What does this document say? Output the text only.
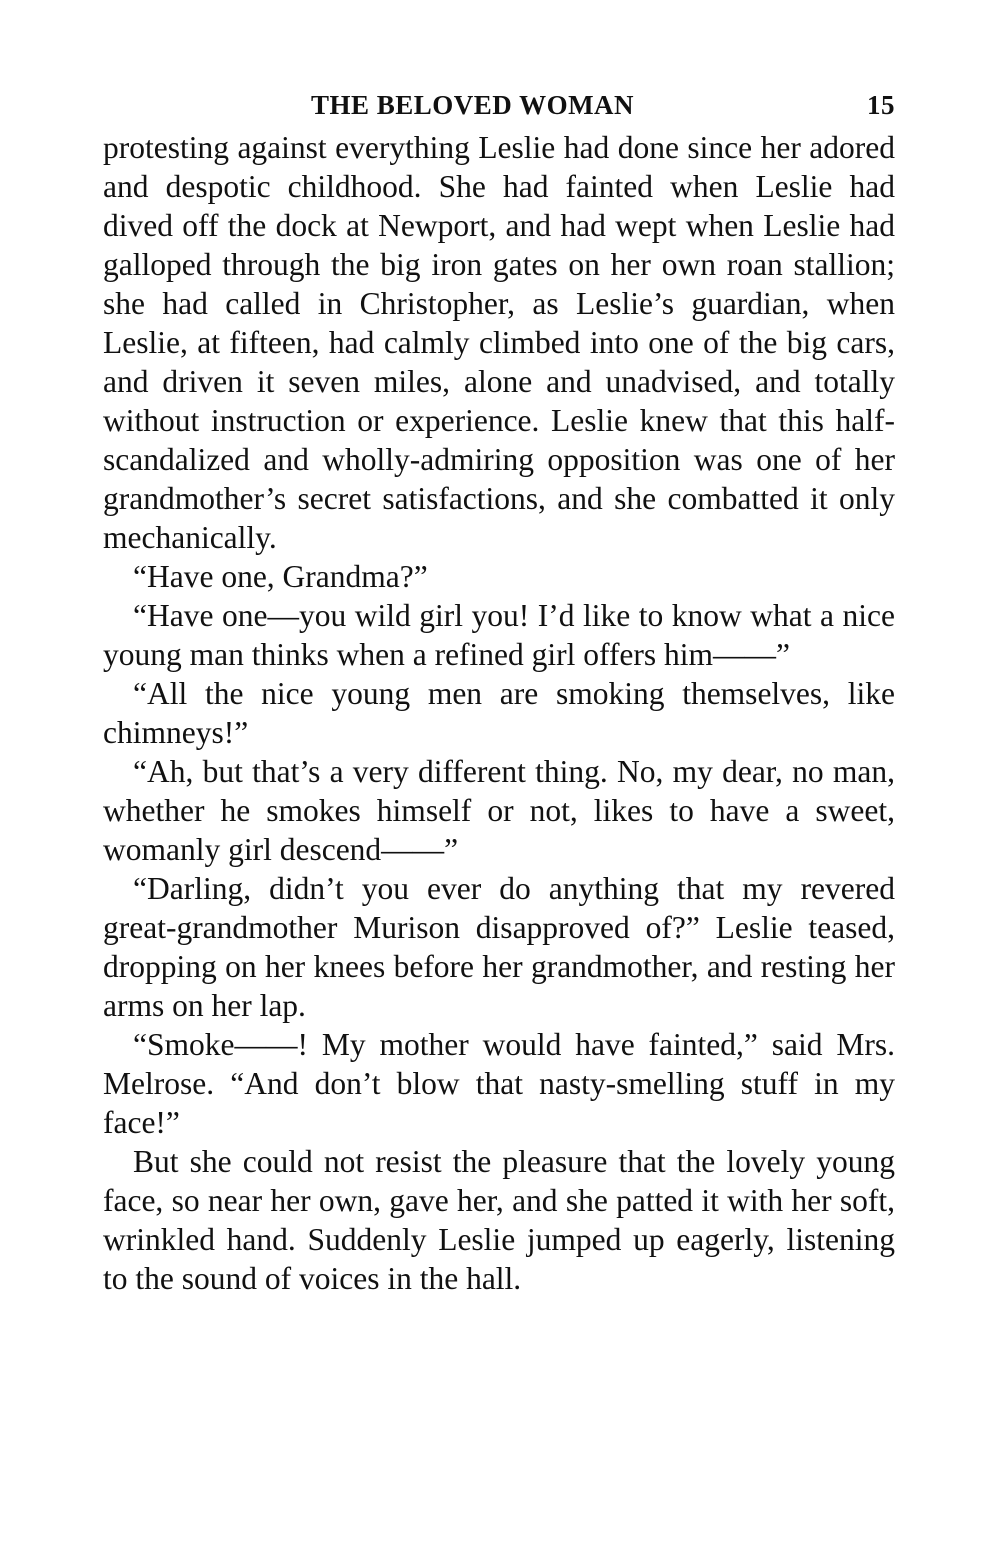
THE BELOVED WOMAN	15

protesting against everything Leslie had done since her adored and despotic childhood. She had fainted when Leslie had dived off the dock at Newport, and had wept when Leslie had galloped through the big iron gates on her own roan stallion; she had called in Christopher, as Leslie’s guardian, when Leslie, at fifteen, had calmly climbed into one of the big cars, and driven it seven miles, alone and unadvised, and totally without instruction or experience. Leslie knew that this half-scandalized and wholly-admiring opposition was one of her grandmother’s secret satisfactions, and she combatted it only mechanically.

“Have one, Grandma?”

“Have one—you wild girl you! I’d like to know what a nice young man thinks when a refined girl offers him——”

“All the nice young men are smoking themselves, like chimneys!”

“Ah, but that’s a very different thing. No, my dear, no man, whether he smokes himself or not, likes to have a sweet, womanly girl descend——”

“Darling, didn’t you ever do anything that my revered great-grandmother Murison disapproved of?” Leslie teased, dropping on her knees before her grandmother, and resting her arms on her lap.

“Smoke——! My mother would have fainted,” said Mrs. Melrose. “And don’t blow that nasty-smelling stuff in my face!”

But she could not resist the pleasure that the lovely young face, so near her own, gave her, and she patted it with her soft, wrinkled hand. Suddenly Leslie jumped up eagerly, listening to the sound of voices in the hall.
